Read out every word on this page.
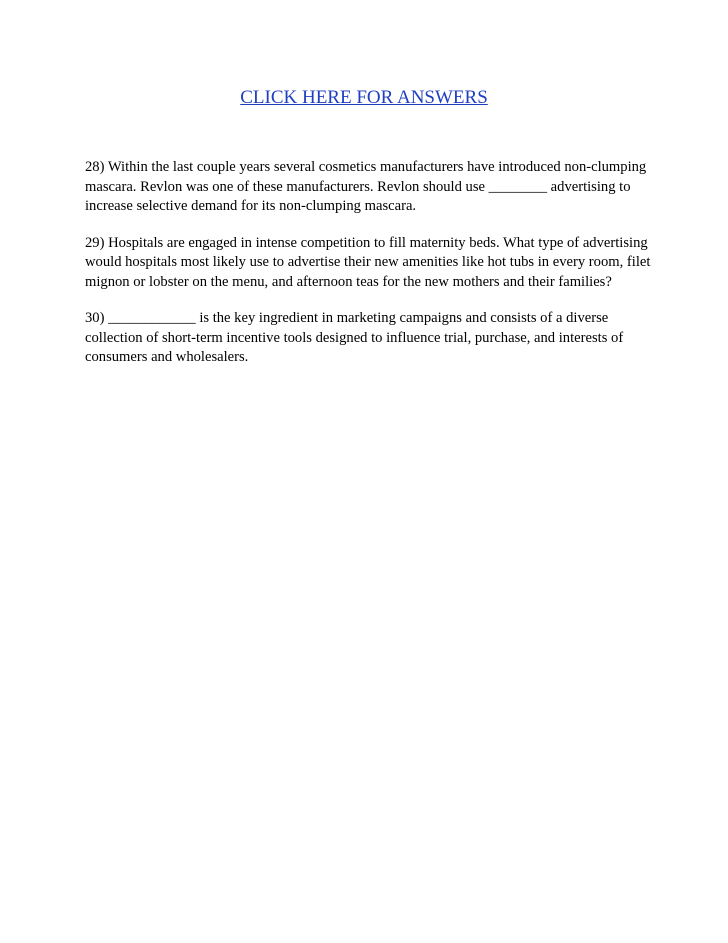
CLICK HERE FOR ANSWERS

28) Within the last couple years several cosmetics manufacturers have introduced non-clumping
mascara. Revlon was one of these manufacturers. Revlon should use ________ advertising to
increase selective demand for its non-clumping mascara.

29) Hospitals are engaged in intense competition to fill maternity beds. What type of advertising
would hospitals most likely use to advertise their new amenities like hot tubs in every room, filet
mignon or lobster on the menu, and afternoon teas for the new mothers and their families?

30) ____________ is the key ingredient in marketing campaigns and consists of a diverse
collection of short-term incentive tools designed to influence trial, purchase, and interests of
consumers and wholesalers.
